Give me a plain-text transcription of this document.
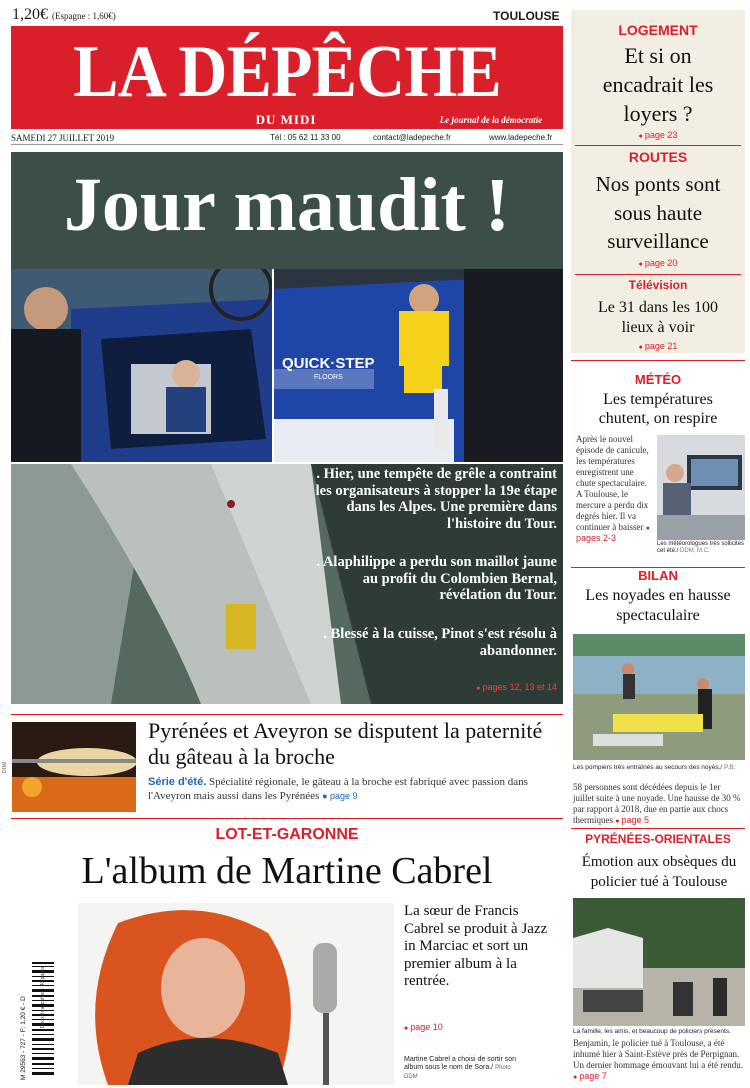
1,20€ (Espagne : 1,60€)	TOULOUSE
LA DÉPÊCHE
DU MIDI	Le journal de la démocratie
SAMEDI 27 JUILLET 2019	Tél : 05 62 11 33 00	contact@ladepeche.fr	www.ladepeche.fr
Jour maudit !
QUICK·STEP
FLOORS
. Hier, une tempête de grêle a contraint les organisateurs à stopper la 19e étape dans les Alpes. Une première dans l'histoire du Tour.
. Alaphilippe a perdu son maillot jaune au profit du Colombien Bernal, révélation du Tour.
. Blessé à la cuisse, Pinot s'est résolu à abandonner.
● pages 12, 13 et 14
DDM
Pyrénées et Aveyron se disputent la paternité du gâteau à la broche
Série d'été. Spécialité régionale, le gâteau à la broche est fabriqué avec passion dans l'Aveyron mais aussi dans les Pyrénées ● page 9
LOT-ET-GARONNE
L'album de Martine Cabrel
La sœur de Francis Cabrel se produit à Jazz in Marciac et sort un premier album à la rentrée.
● page 10
Martine Cabrel a choisi de sortir son album sous le nom de Sora./ Photo DDM
M 29563 - 727 - F: 1,20 € - D	Deuxième cahier : 40 pages
LOGEMENT
Et si on encadrait les loyers ?
● page 23
ROUTES
Nos ponts sont sous haute surveillance
● page 20
Télévision
Le 31 dans les 100 lieux à voir
● page 21
MÉTÉO
Les températures chutent, on respire
Après le nouvel épisode de canicule, les températures enregistrent une chute spectaculaire. A Toulouse, le mercure a perdu dix degrés hier. Il va continuer à baisser ● pages 2-3
Les météorologues très sollicités cet été./ DDM, M.C.
BILAN
Les noyades en hausse spectaculaire
Les pompiers très entraînés au secours des noyés./ P.B.
58 personnes sont décédées depuis le 1er juillet suite à une noyade. Une hausse de 30 % par rapport à 2018, due en partie aux chocs thermiques ● page 5
PYRÉNÉES-ORIENTALES
Émotion aux obsèques du policier tué à Toulouse
La famille, les amis, et beaucoup de policiers présents.
Benjamin, le policier tué à Toulouse, a été inhumé hier à Saint-Estève près de Perpignan. Un dernier hommage émouvant lui a été rendu. ● page 7
